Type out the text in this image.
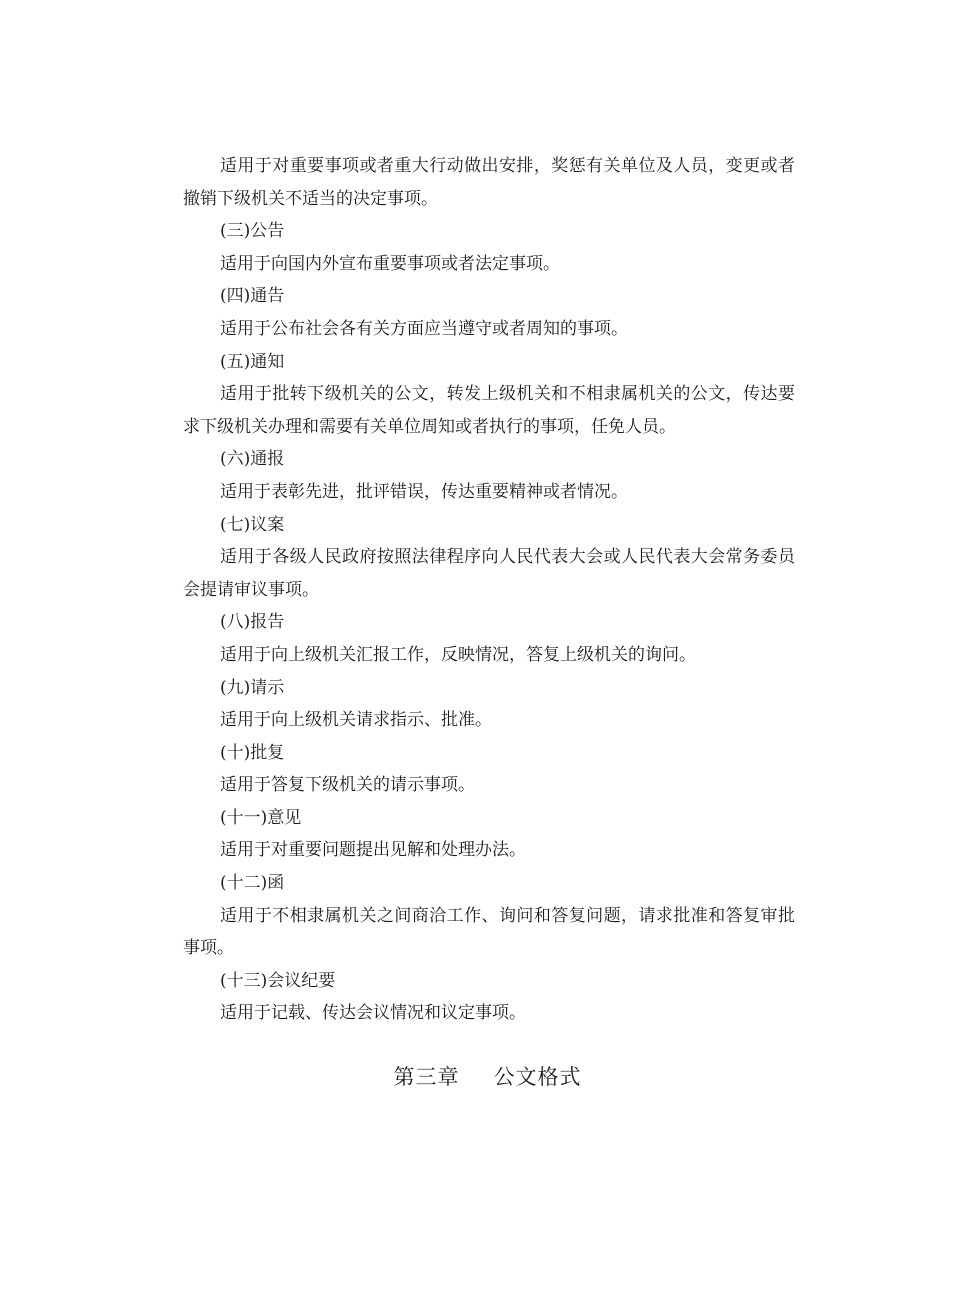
适用于对重要事项或者重大行动做出安排，奖惩有关单位及人员，变更或者撤销下级机关不适当的决定事项。

(三)公告

适用于向国内外宣布重要事项或者法定事项。

(四)通告

适用于公布社会各有关方面应当遵守或者周知的事项。

(五)通知

适用于批转下级机关的公文，转发上级机关和不相隶属机关的公文，传达要求下级机关办理和需要有关单位周知或者执行的事项，任免人员。

(六)通报

适用于表彰先进，批评错误，传达重要精神或者情况。

(七)议案

适用于各级人民政府按照法律程序向人民代表大会或人民代表大会常务委员会提请审议事项。

(八)报告

适用于向上级机关汇报工作，反映情况，答复上级机关的询问。

(九)请示

适用于向上级机关请求指示、批准。

(十)批复

适用于答复下级机关的请示事项。

(十一)意见

适用于对重要问题提出见解和处理办法。

(十二)函

适用于不相隶属机关之间商洽工作、询问和答复问题，请求批准和答复审批事项。

(十三)会议纪要

适用于记载、传达会议情况和议定事项。

第三章 公文格式
